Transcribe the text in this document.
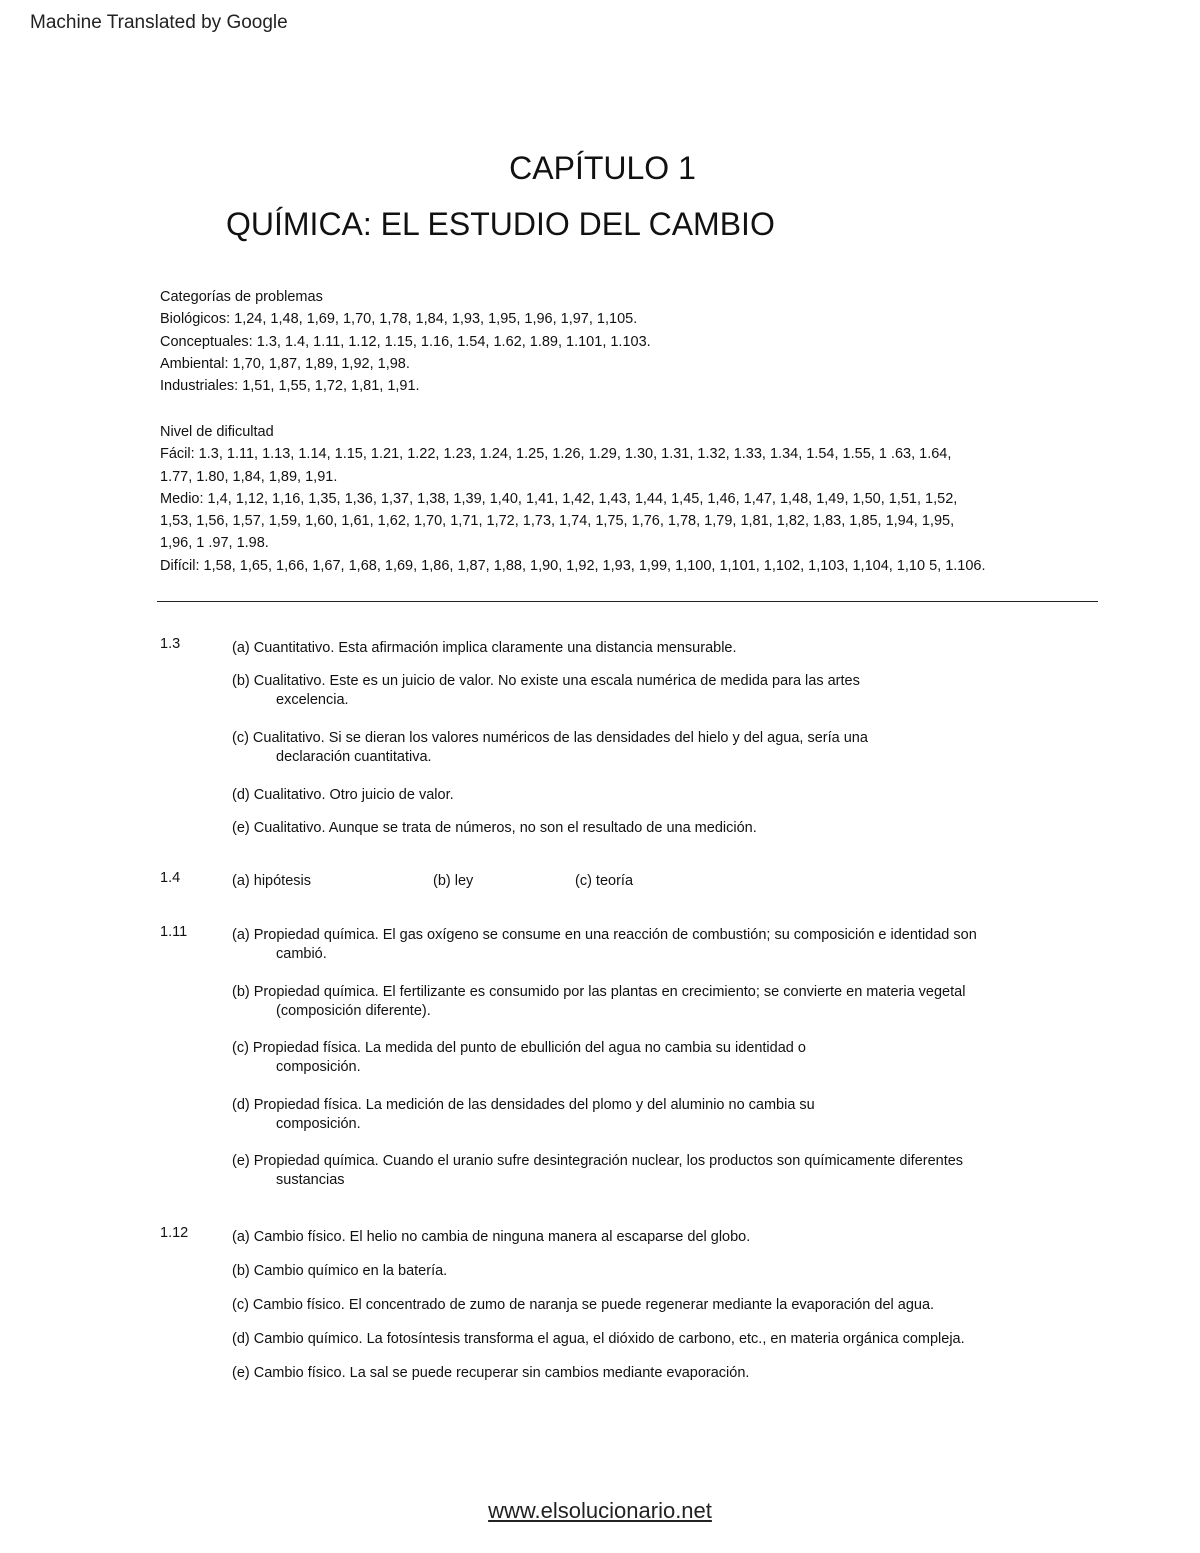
Machine Translated by Google
CAPÍTULO 1
QUÍMICA: EL ESTUDIO DEL CAMBIO
Categorías de problemas
Biológicos: 1,24, 1,48, 1,69, 1,70, 1,78, 1,84, 1,93, 1,95, 1,96, 1,97, 1,105.
Conceptuales: 1.3, 1.4, 1.11, 1.12, 1.15, 1.16, 1.54, 1.62, 1.89, 1.101, 1.103.
Ambiental: 1,70, 1,87, 1,89, 1,92, 1,98.
Industriales: 1,51, 1,55, 1,72, 1,81, 1,91.
Nivel de dificultad
Fácil: 1.3, 1.11, 1.13, 1.14, 1.15, 1.21, 1.22, 1.23, 1.24, 1.25, 1.26, 1.29, 1.30, 1.31, 1.32, 1.33, 1.34, 1.54, 1.55, 1 .63, 1.64,
1.77, 1.80, 1,84, 1,89, 1,91.
Medio: 1,4, 1,12, 1,16, 1,35, 1,36, 1,37, 1,38, 1,39, 1,40, 1,41, 1,42, 1,43, 1,44, 1,45, 1,46, 1,47, 1,48, 1,49, 1,50, 1,51, 1,52,
1,53, 1,56, 1,57, 1,59, 1,60, 1,61, 1,62, 1,70, 1,71, 1,72, 1,73, 1,74, 1,75, 1,76, 1,78, 1,79, 1,81, 1,82, 1,83, 1,85, 1,94, 1,95,
1,96, 1 .97, 1.98.
Difícil: 1,58, 1,65, 1,66, 1,67, 1,68, 1,69, 1,86, 1,87, 1,88, 1,90, 1,92, 1,93, 1,99, 1,100, 1,101, 1,102, 1,103, 1,104, 1,10 5, 1.106.
1.3	(a) Cuantitativo. Esta afirmación implica claramente una distancia mensurable.
(b) Cualitativo. Este es un juicio de valor. No existe una escala numérica de medida para las artes
excelencia.
(c) Cualitativo. Si se dieran los valores numéricos de las densidades del hielo y del agua, sería una
declaración cuantitativa.
(d) Cualitativo. Otro juicio de valor.
(e) Cualitativo. Aunque se trata de números, no son el resultado de una medición.
1.4	(a) hipótesis	(b) ley	(c) teoría
1.11	(a) Propiedad química. El gas oxígeno se consume en una reacción de combustión; su composición e identidad son
cambió.
(b) Propiedad química. El fertilizante es consumido por las plantas en crecimiento; se convierte en materia vegetal
(composición diferente).
(c) Propiedad física. La medida del punto de ebullición del agua no cambia su identidad o
composición.
(d) Propiedad física. La medición de las densidades del plomo y del aluminio no cambia su
composición.
(e) Propiedad química. Cuando el uranio sufre desintegración nuclear, los productos son químicamente diferentes
sustancias
1.12	(a) Cambio físico. El helio no cambia de ninguna manera al escaparse del globo.
(b) Cambio químico en la batería.
(c) Cambio físico. El concentrado de zumo de naranja se puede regenerar mediante la evaporación del agua.
(d) Cambio químico. La fotosíntesis transforma el agua, el dióxido de carbono, etc., en materia orgánica compleja.
(e) Cambio físico. La sal se puede recuperar sin cambios mediante evaporación.
www.elsolucionario.net
